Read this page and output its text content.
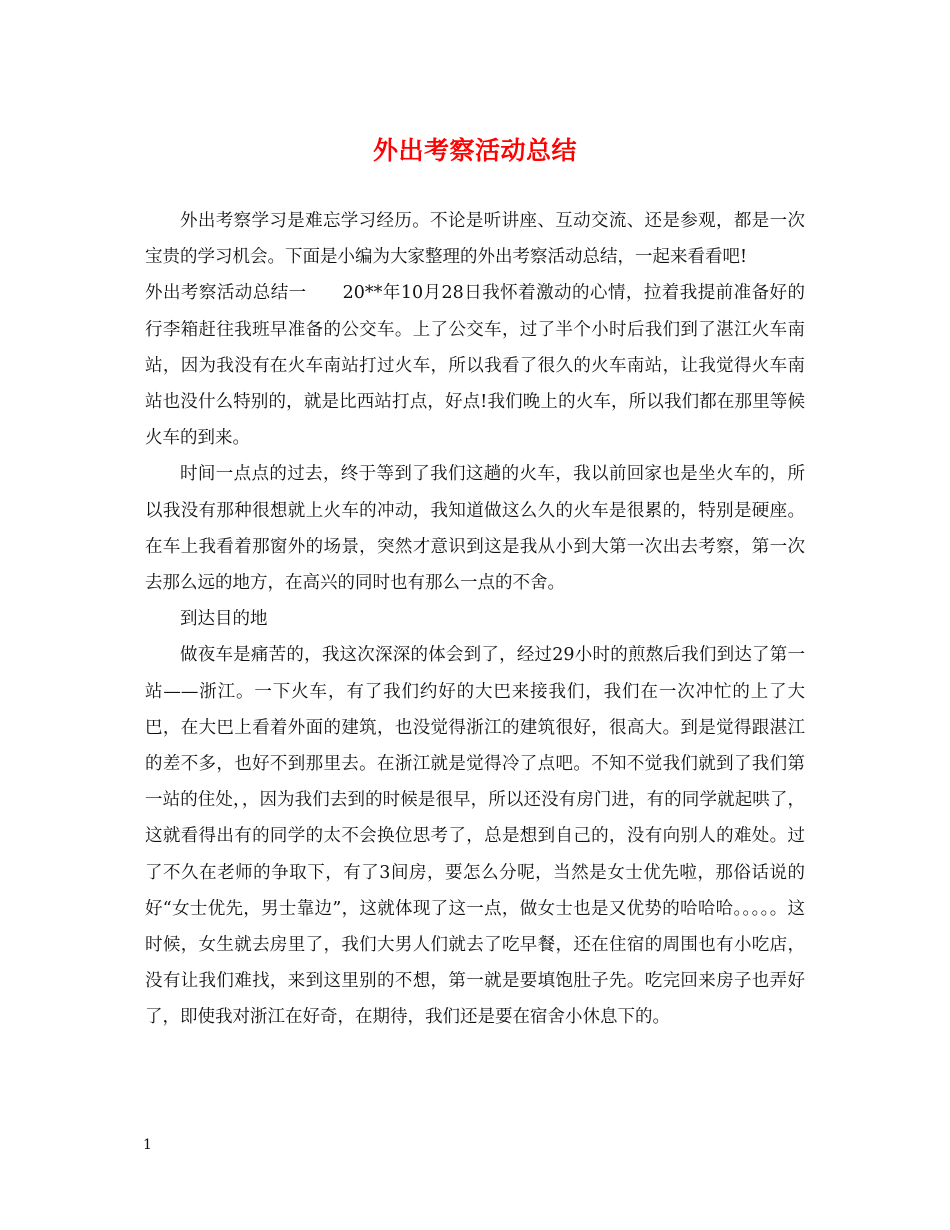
外出考察活动总结

外出考察学习是难忘学习经历。不论是听讲座、互动交流、还是参观，都是一次宝贵的学习机会。下面是小编为大家整理的外出考察活动总结，一起来看看吧!

外出考察活动总结一 20**年10月28日我怀着激动的心情，拉着我提前准备好的行李箱赶往我班早准备的公交车。上了公交车，过了半个小时后我们到了湛江火车南站，因为我没有在火车南站打过火车，所以我看了很久的火车南站，让我觉得火车南站也没什么特别的，就是比西站打点，好点!我们晚上的火车，所以我们都在那里等候火车的到来。

时间一点点的过去，终于等到了我们这趟的火车，我以前回家也是坐火车的，所以我没有那种很想就上火车的冲动，我知道做这么久的火车是很累的，特别是硬座。在车上我看着那窗外的场景，突然才意识到这是我从小到大第一次出去考察，第一次去那么远的地方，在高兴的同时也有那么一点的不舍。

到达目的地

做夜车是痛苦的，我这次深深的体会到了，经过29小时的煎熬后我们到达了第一站——浙江。一下火车，有了我们约好的大巴来接我们，我们在一次冲忙的上了大巴，在大巴上看着外面的建筑，也没觉得浙江的建筑很好，很高大。到是觉得跟湛江的差不多，也好不到那里去。在浙江就是觉得冷了点吧。不知不觉我们就到了我们第一站的住处，，因为我们去到的时候是很早，所以还没有房门进，有的同学就起哄了，这就看得出有的同学的太不会换位思考了，总是想到自己的，没有向别人的难处。过了不久在老师的争取下，有了3间房，要怎么分呢，当然是女士优先啦，那俗话说的好“女士优先，男士靠边”，这就体现了这一点，做女士也是又优势的哈哈哈。。。。。这时候，女生就去房里了，我们大男人们就去了吃早餐，还在住宿的周围也有小吃店，没有让我们难找，来到这里别的不想，第一就是要填饱肚子先。吃完回来房子也弄好了，即使我对浙江在好奇，在期待，我们还是要在宿舍小休息下的。

1
